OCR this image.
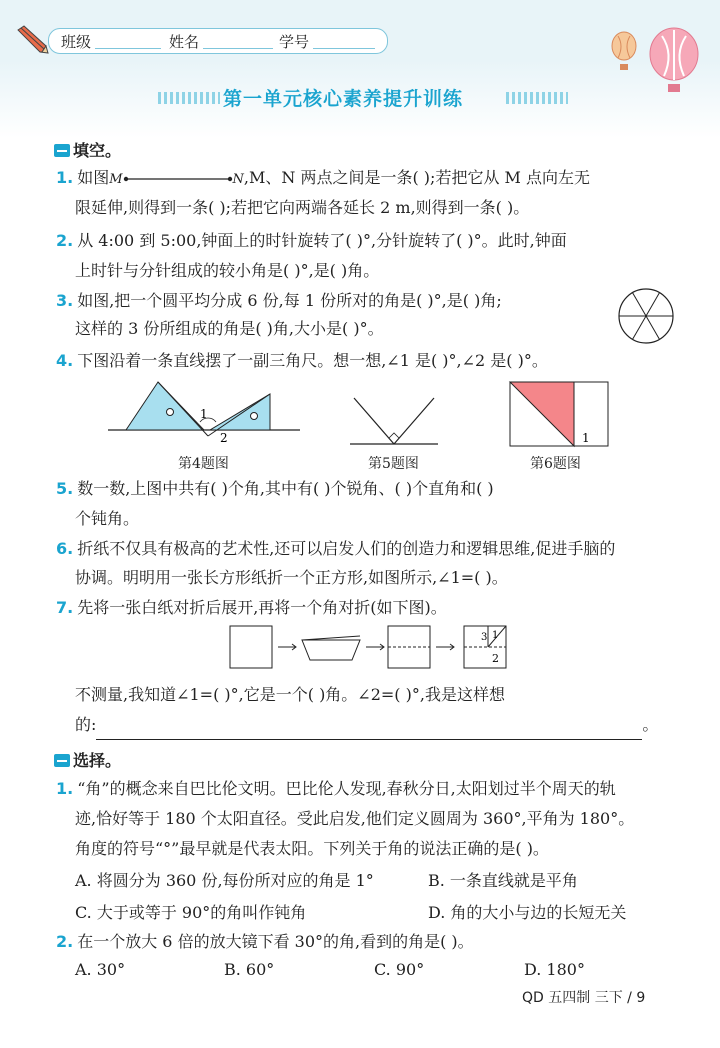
班级	姓名	学号
第一单元核心素养提升训练
填空。
1. 如图M	N,M、N 两点之间是一条( );若把它从 M 点向左无
限延伸,则得到一条( );若把它向两端各延长 2 m,则得到一条( )。
2. 从 4:00 到 5:00,钟面上的时针旋转了( )°,分针旋转了( )°。此时,钟面
上时针与分针组成的较小角是( )°,是( )角。
3. 如图,把一个圆平均分成 6 份,每 1 份所对的角是( )°,是( )角;
这样的 3 份所组成的角是( )角,大小是( )°。
4. 下图沿着一条直线摆了一副三角尺。想一想,∠1 是( )°,∠2 是( )°。
1
2
第4题图	第5题图
1
第6题图
5. 数一数,上图中共有( )个角,其中有( )个锐角、( )个直角和( )
个钝角。
6. 折纸不仅具有极高的艺术性,还可以启发人们的创造力和逻辑思维,促进手脑的
协调。明明用一张长方形纸折一个正方形,如图所示,∠1=( )。
7. 先将一张白纸对折后展开,再将一个角对折(如下图)。
3 1
2
不测量,我知道∠1=( )°,它是一个( )角。∠2=( )°,我是这样想
的:	。
选择。
1. “角”的概念来自巴比伦文明。巴比伦人发现,春秋分日,太阳划过半个周天的轨
迹,恰好等于 180 个太阳直径。受此启发,他们定义圆周为 360°,平角为 180°。
角度的符号“°”最早就是代表太阳。下列关于角的说法正确的是( )。
A. 将圆分为 360 份,每份所对应的角是 1°	B. 一条直线就是平角
C. 大于或等于 90°的角叫作钝角	D. 角的大小与边的长短无关
2. 在一个放大 6 倍的放大镜下看 30°的角,看到的角是( )。
A. 30°	B. 60°	C. 90°	D. 180°
QD 五四制 三下 / 9
